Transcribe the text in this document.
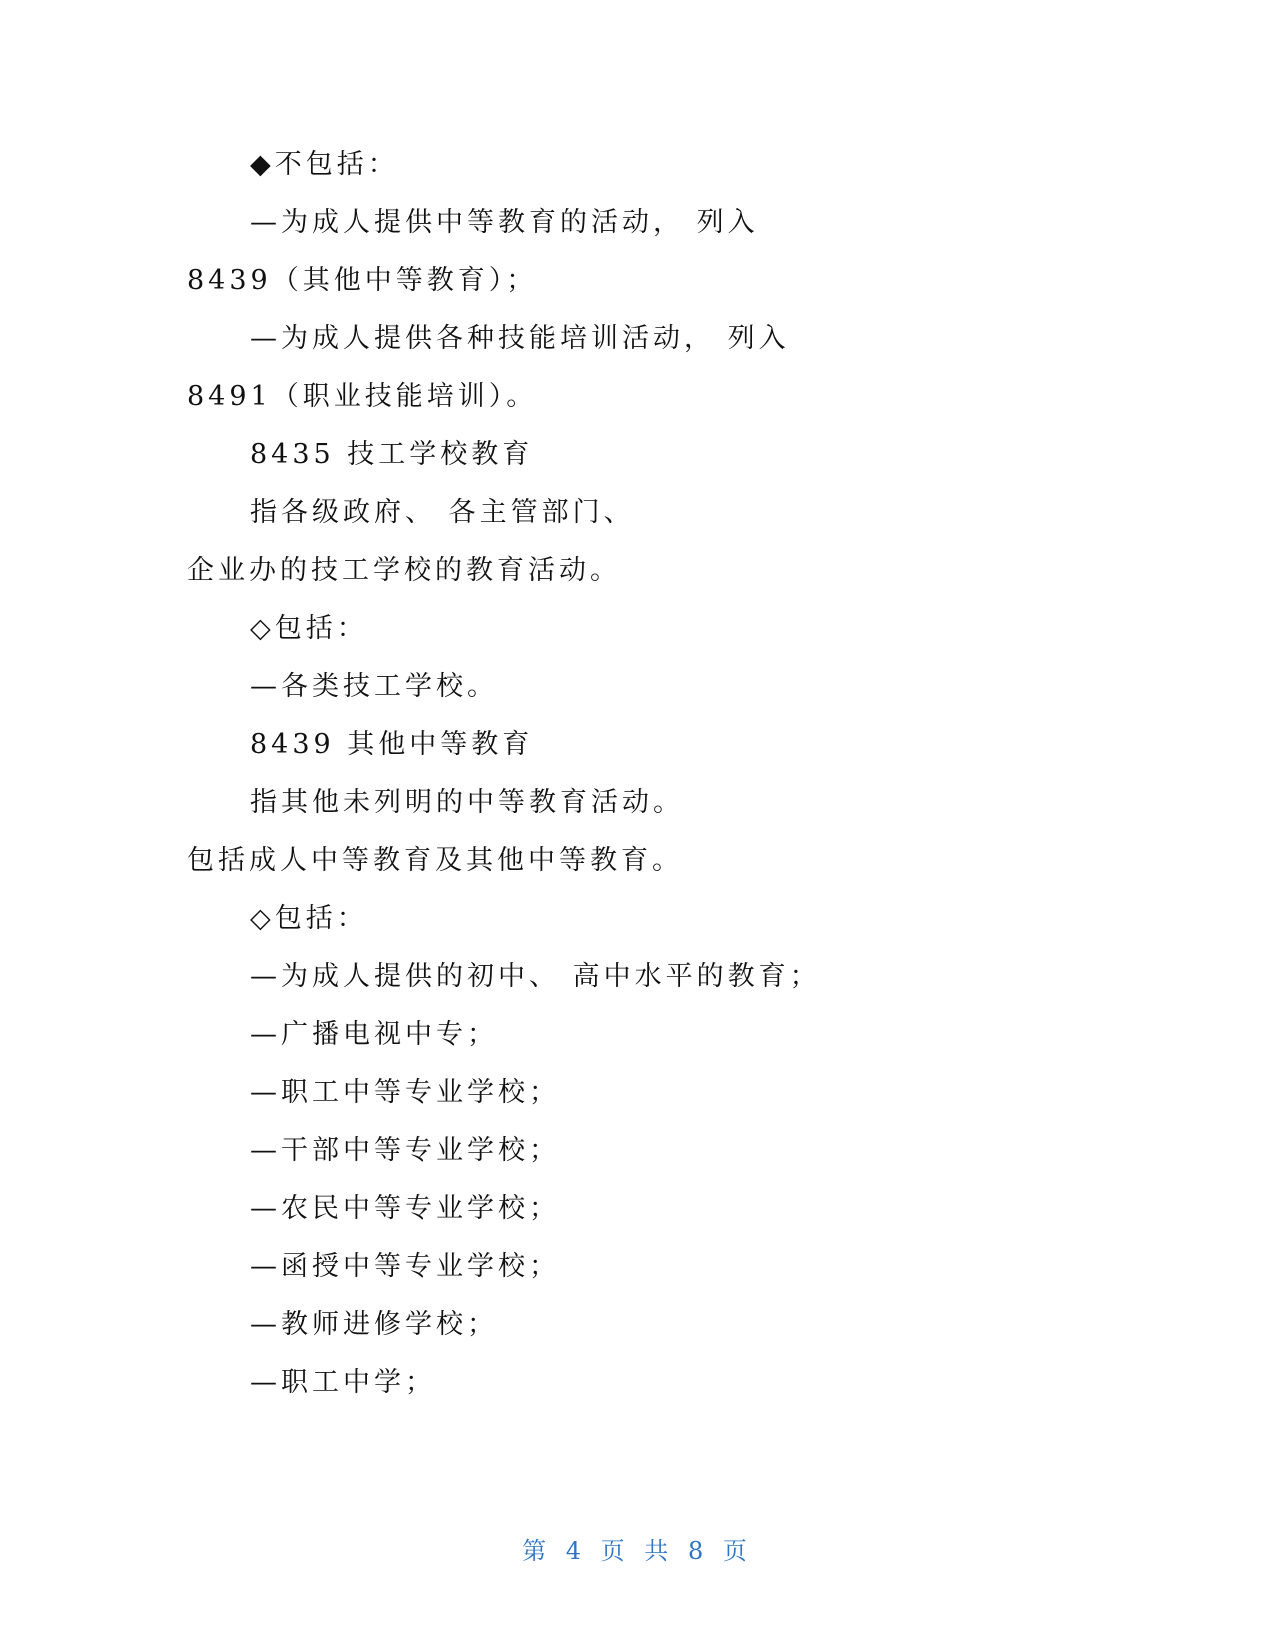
◆不包括：
—为成人提供中等教育的活动， 列入
8439（其他中等教育）；
—为成人提供各种技能培训活动， 列入
8491（职业技能培训）。
8435 技工学校教育
指各级政府、 各主管部门、
企业办的技工学校的教育活动。
◇包括：
—各类技工学校。
8439 其他中等教育
指其他未列明的中等教育活动。
包括成人中等教育及其他中等教育。
◇包括：
—为成人提供的初中、 高中水平的教育；
—广播电视中专；
—职工中等专业学校；
—干部中等专业学校；
—农民中等专业学校；
—函授中等专业学校；
—教师进修学校；
—职工中学；
第 4 页 共 8 页
